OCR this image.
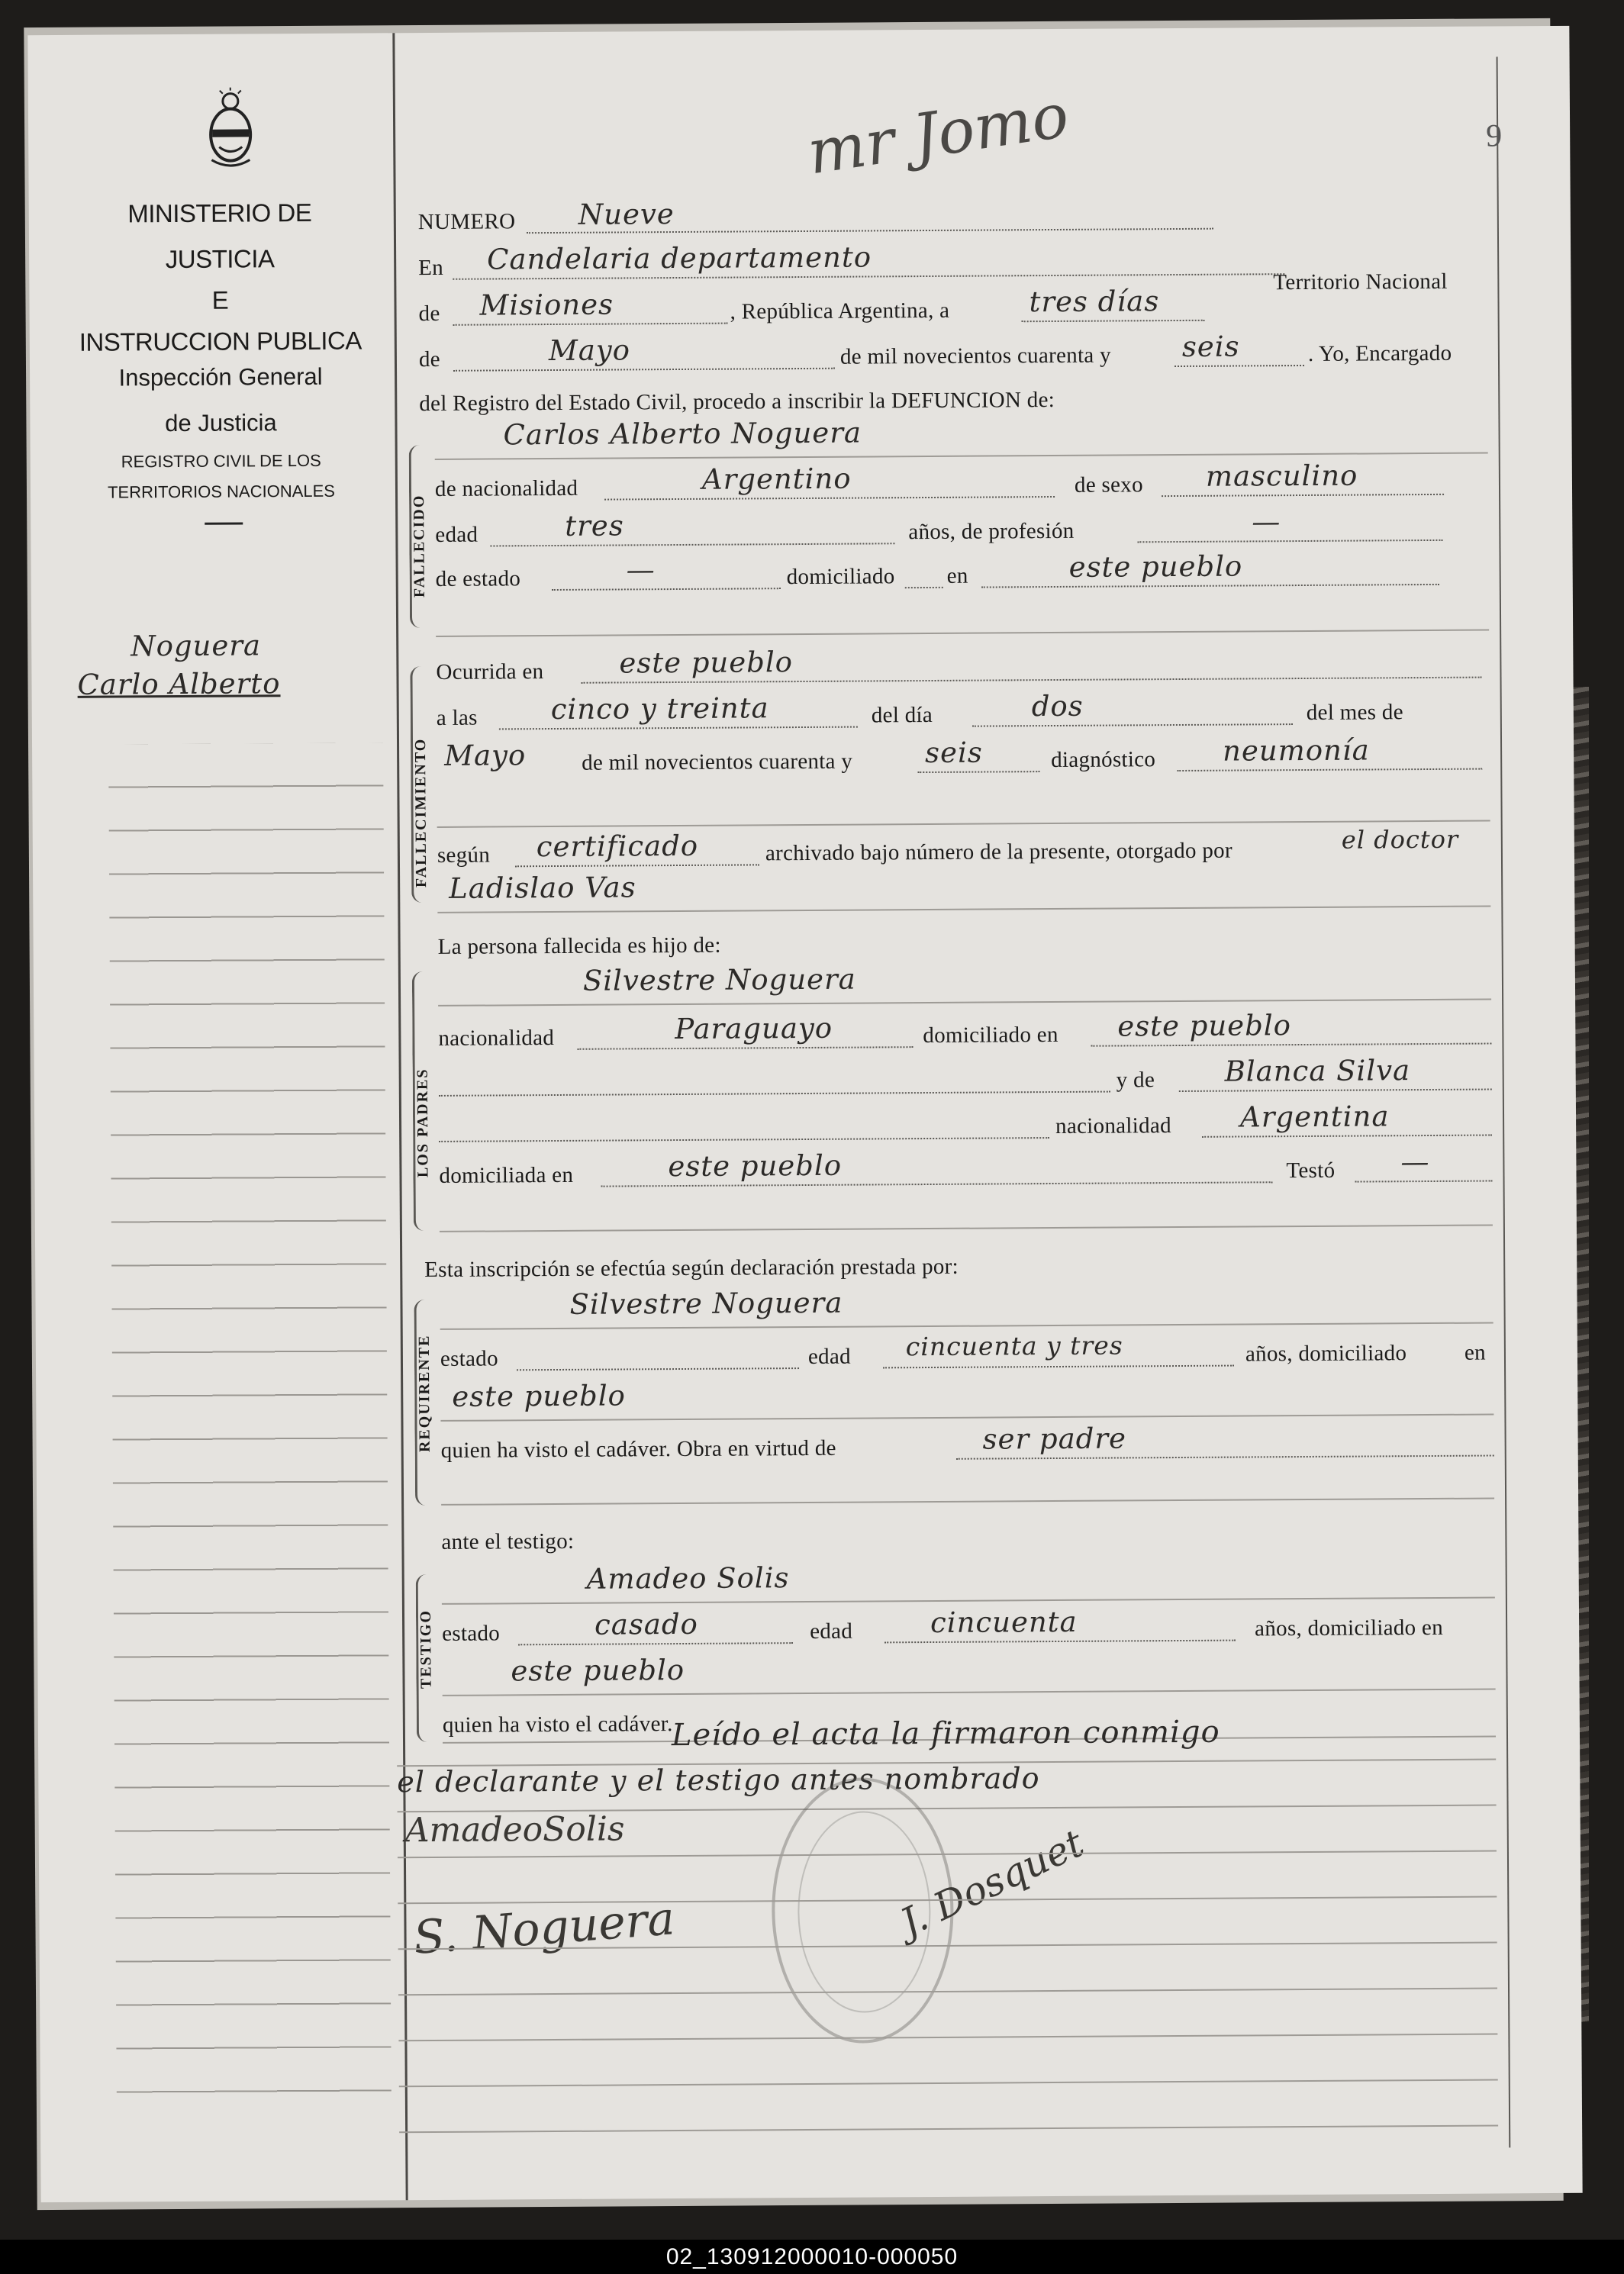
9
MINISTERIO DE JUSTICIA
E
INSTRUCCION PUBLICA
Inspección General
de Justicia
REGISTRO CIVIL DE LOS
TERRITORIOS NACIONALES
Noguera
Carlo Alberto
mr Jomo
NUMERO Nueve
En Candelaria departamento
Territorio Nacional
de Misiones	, República Argentina, a	tres días
de	Mayo	de mil novecientos cuarenta y	seis	. Yo, Encargado
del Registro del Estado Civil, procedo a inscribir la DEFUNCION de:
FALLECIDO
Carlos Alberto Noguera
de nacionalidad	Argentino	de sexo masculino
edad	tres	años, de profesión	—
de estado	—	domiciliado en	este pueblo
FALLECIMIENTO
Ocurrida en	este pueblo
a las	cinco y treinta	del día	dos	del mes de
Mayo	de mil novecientos cuarenta y	seis	diagnóstico neumonía
según certificado	archivado bajo número de la presente, otorgado por	el doctor
Ladislao Vas
La persona fallecida es hijo de:
LOS PADRES
Silvestre Noguera
nacionalidad	Paraguayo	domiciliado en este pueblo
y de Blanca Silva
nacionalidad Argentina
domiciliada en	este pueblo	Testó —
Esta inscripción se efectúa según declaración prestada por:
REQUIRENTE
Silvestre Noguera
estado	edad cincuenta y tres	años, domiciliado	en
este pueblo
quien ha visto el cadáver. Obra en virtud de	ser padre
ante el testigo:
TESTIGO
Amadeo Solis
estado	casado	edad	cincuenta	años, domiciliado en
este pueblo
quien ha visto el cadáver.
Leído el acta la firmaron conmigo
el declarante y el testigo antes nombrado
AmadeoSolis
S. Noguera	J. Dosquet
02_130912000010-000050
